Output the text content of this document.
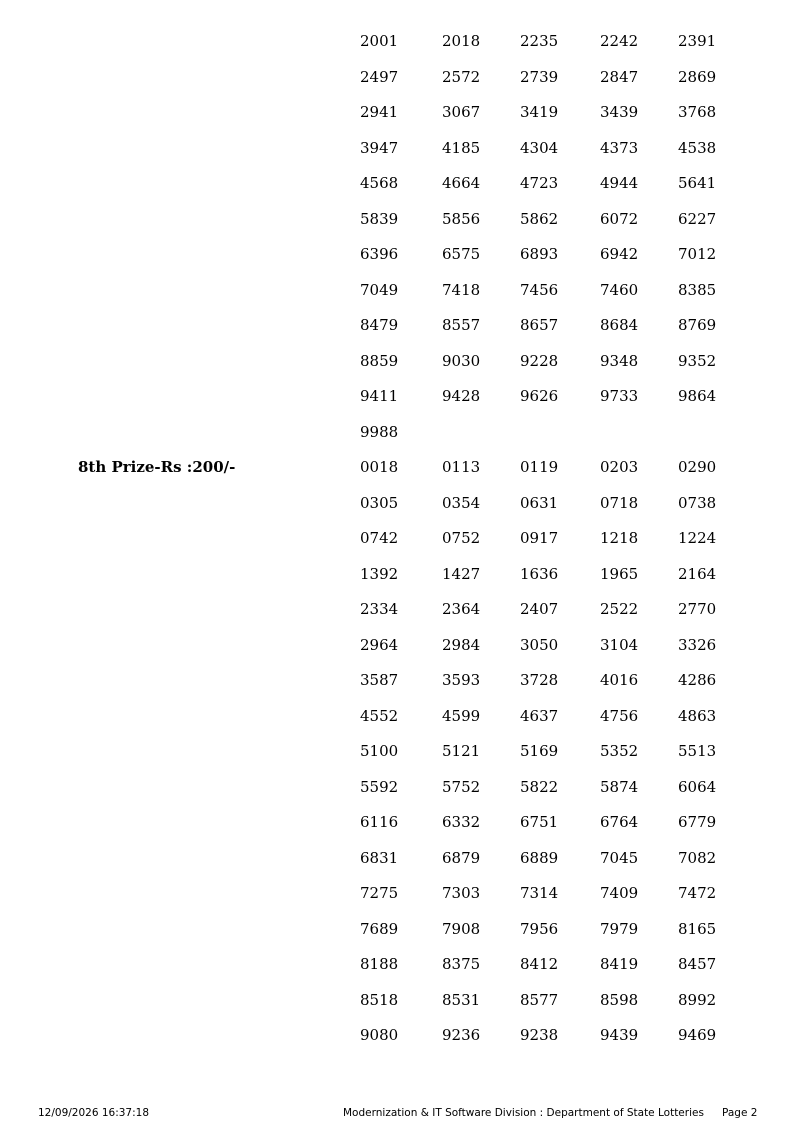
2001	2018	2235	2242	2391
2497	2572	2739	2847	2869
2941	3067	3419	3439	3768
3947	4185	4304	4373	4538
4568	4664	4723	4944	5641
5839	5856	5862	6072	6227
6396	6575	6893	6942	7012
7049	7418	7456	7460	8385
8479	8557	8657	8684	8769
8859	9030	9228	9348	9352
9411	9428	9626	9733	9864
9988
8th Prize-Rs :200/-	0018	0113	0119	0203	0290
0305	0354	0631	0718	0738
0742	0752	0917	1218	1224
1392	1427	1636	1965	2164
2334	2364	2407	2522	2770
2964	2984	3050	3104	3326
3587	3593	3728	4016	4286
4552	4599	4637	4756	4863
5100	5121	5169	5352	5513
5592	5752	5822	5874	6064
6116	6332	6751	6764	6779
6831	6879	6889	7045	7082
7275	7303	7314	7409	7472
7689	7908	7956	7979	8165
8188	8375	8412	8419	8457
8518	8531	8577	8598	8992
9080	9236	9238	9439	9469
12/09/2026 16:37:18	Modernization & IT Software Division : Department of State Lotteries Page 2
